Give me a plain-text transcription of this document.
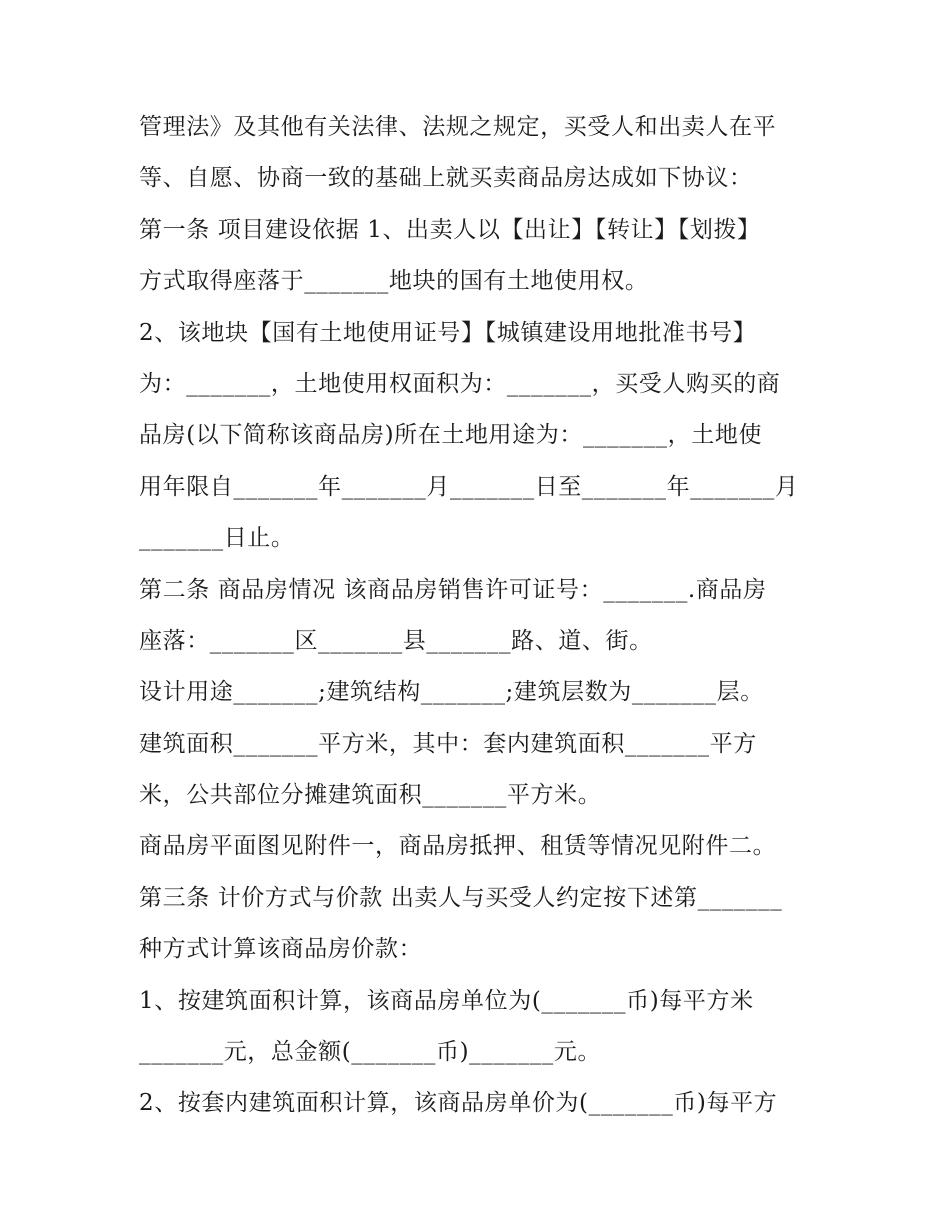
管理法》及其他有关法律、法规之规定，买受人和出卖人在平
等、自愿、协商一致的基础上就买卖商品房达成如下协议：
第一条 项目建设依据 1、出卖人以【出让】【转让】【划拨】
方式取得座落于_______地块的国有土地使用权。
2、该地块【国有土地使用证号】【城镇建设用地批准书号】
为：_______，土地使用权面积为：_______，买受人购买的商
品房(以下简称该商品房)所在土地用途为：_______，土地使
用年限自_______年_______月_______日至_______年_______月
_______日止。
第二条 商品房情况 该商品房销售许可证号：_______.商品房
座落：_______区_______县_______路、道、街。
设计用途_______;建筑结构_______;建筑层数为_______层。
建筑面积_______平方米，其中：套内建筑面积_______平方
米，公共部位分摊建筑面积_______平方米。
商品房平面图见附件一，商品房抵押、租赁等情况见附件二。
第三条 计价方式与价款 出卖人与买受人约定按下述第_______
种方式计算该商品房价款：
1、按建筑面积计算，该商品房单位为(_______币)每平方米
_______元，总金额(_______币)_______元。
2、按套内建筑面积计算，该商品房单价为(_______币)每平方
